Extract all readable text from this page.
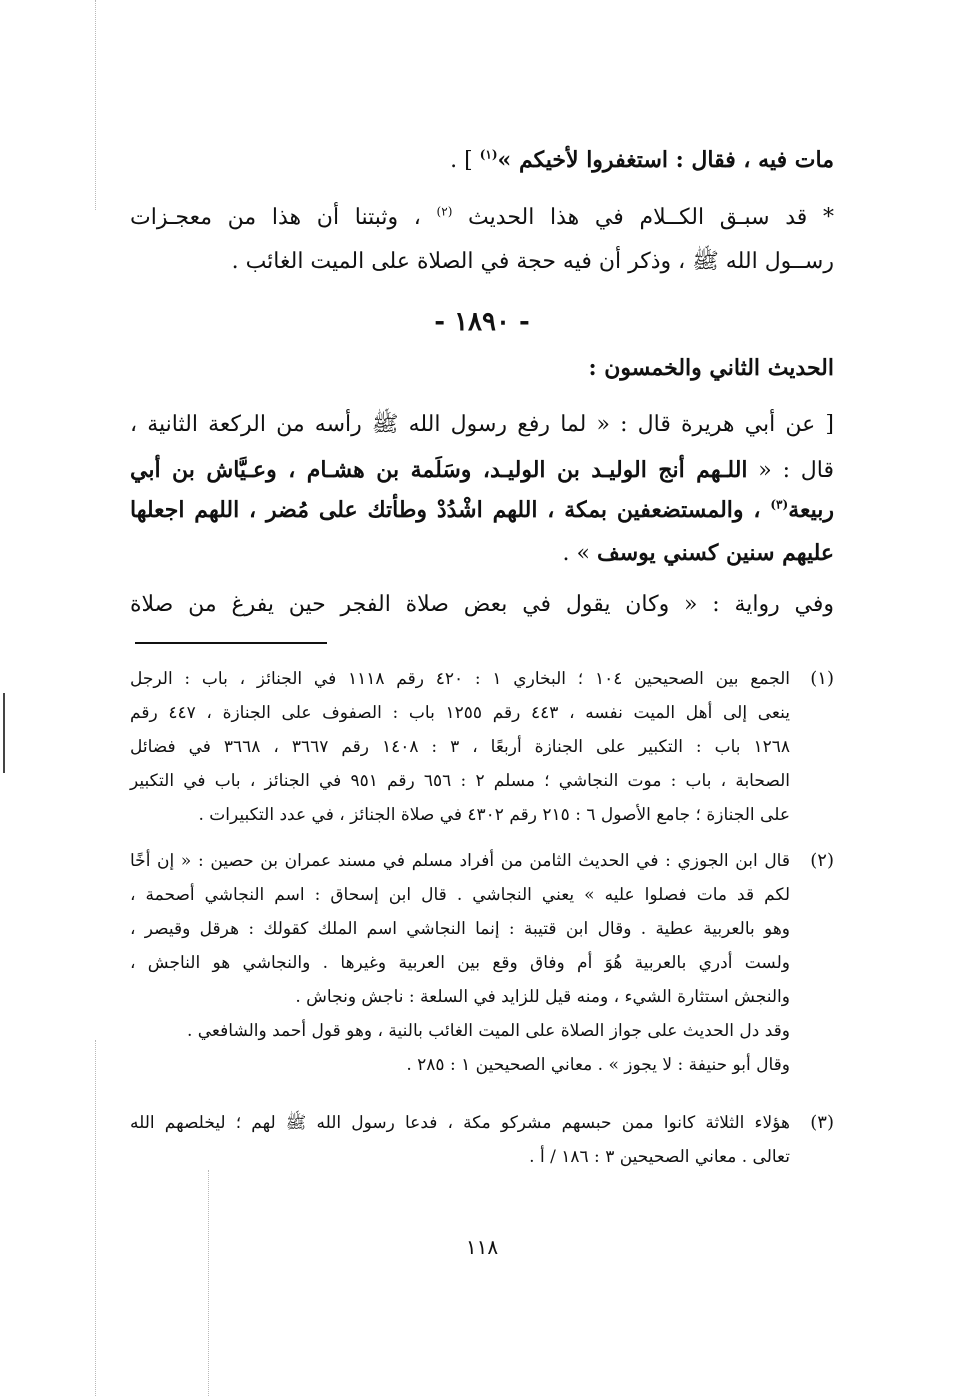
مات فيه ، فقال : استغفروا لأخيكم »$^{(١)}$ ] .
* قد سبـق الكــلام في هذا الحديث $^{(٢)}$ ، وثبتنا أن هذا من معجـزات
رســول الله ﷺ ، وذكر أن فيه حجة في الصلاة على الميت الغائب .
- ١٨٩٠ -
الحديث الثاني والخمسون :
[ عن أبي هريرة قال : « لما رفع رسول الله ﷺ رأسه من الركعة الثانية ،
قال : « اللـهم أنج الوليـد بن الوليـد، وسَلَمة بن هشـام ، وعـيَّاش بن أبي
ربيعة$^{(٣)}$ ، والمستضعفين بمكة ، اللهم اشْدُدْ وطأتك على مُضر ، اللهم اجعلها
عليهم سنين كسني يوسف » .
وفي رواية : « وكان يقول في بعض صلاة الفجر حين يفرغ من صلاة
(١)
الجمع بين الصحيحين ١٠٤ ؛ البخاري ١ : ٤٢٠ رقم ١١١٨ في الجنائز ، باب : الرجل
ينعى إلى أهل الميت نفسه ، ٤٤٣ رقم ١٢٥٥ باب : الصفوف على الجنازة ، ٤٤٧ رقم
١٢٦٨ باب : التكبير على الجنازة أربعًا ، ٣ : ١٤٠٨ رقم ٣٦٦٧ ، ٣٦٦٨ في فضائل
الصحابة ، باب : موت النجاشي ؛ مسلم ٢ : ٦٥٦ رقم ٩٥١ في الجنائز ، باب في التكبير
على الجنازة ؛ جامع الأصول ٦ : ٢١٥ رقم ٤٣٠٢ في صلاة الجنائز ، في عدد التكبيرات .
(٢)
قال ابن الجوزي : في الحديث الثامن من أفراد مسلم في مسند عمران بن حصين : « إن أخًا
لكم قد مات فصلوا عليه » يعني النجاشي . قال ابن إسحاق : اسم النجاشي أصحمة ،
وهو بالعربية عطية . وقال ابن قتيبة : إنما النجاشي اسم الملك كقولك : هرقل وقيصر ،
ولست أدري بالعربية هُوَ أم وفاق وقع بين العربية وغيرها . والنجاشي هو الناجش ،
والنجش استثارة الشيء ، ومنه قيل للزايد في السلعة : ناجش ونجاش .
وقد دل الحديث على جواز الصلاة على الميت الغائب بالنية ، وهو قول أحمد والشافعي .
وقال أبو حنيفة : لا يجوز » . معاني الصحيحين ١ : ٢٨٥ .
(٣)
هؤلاء الثلاثة كانوا ممن حبسهم مشركو مكة ، فدعا رسول الله ﷺ لهم ؛ ليخلصهم الله
تعالى . معاني الصحيحين ٣ : ١٨٦ / أ .
١١٨
